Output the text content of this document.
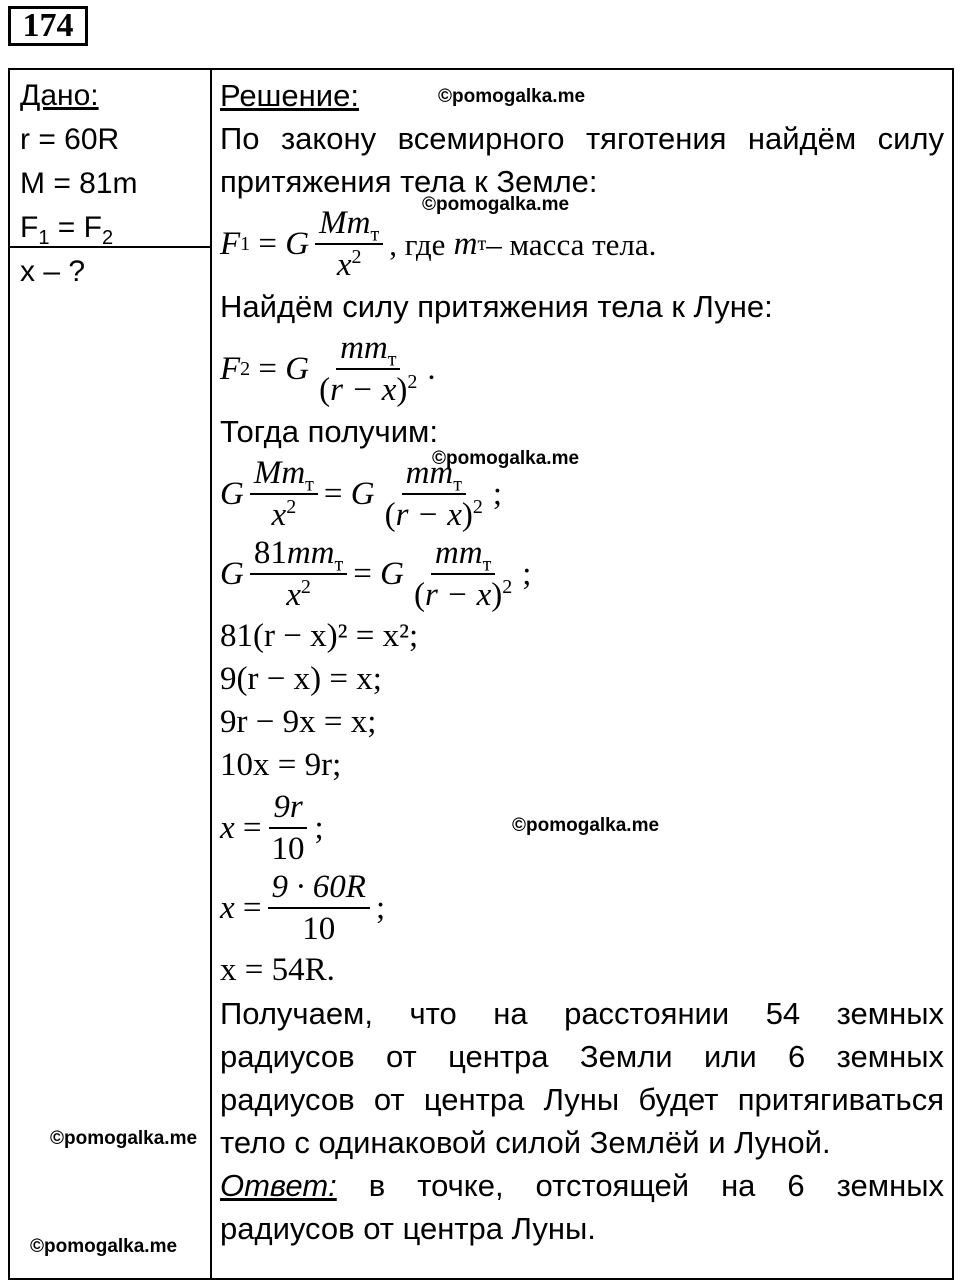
174
Дано:
r = 60R
M = 81m
$F_1 = F_2$
x – ?

Решение:

По закону всемирного тяготения найдём силу притяжения тела к Земле:

F 1 = G $\frac{Mm_т}{x^2}$ , где
m т – масса тела.

Найдём силу притяжения тела к Луне:

F 2 = G $\frac{mm_т}{(r - x)^2}$ .

Тогда получим:

G $\frac{Mm_т}{x^2} = G \frac{mm_т}{(r - x)^2}$ ;
G $\frac{81mm_т}{x^2} = G \frac{mm_т}{(r - x)^2}$ ;
81(r − x)² = x²;
9(r − x) = x;
9r − 9x = x;
10x = 9r;
$x = \frac{9r}{10}$ ;
$x = \frac{9 \cdot 60R}{10}$ ;
x = 54R.

Получаем, что на расстоянии 54 земных радиусов от центра Земли или 6 земных радиусов от центра Луны будет притягиваться тело с одинаковой силой Землёй и Луной.

Ответ: в точке, отстоящей на 6 земных радиусов от центра Луны.

©pomogalka.me
©pomogalka.me
©pomogalka.me
©pomogalka.me
©pomogalka.me
©pomogalka.me
